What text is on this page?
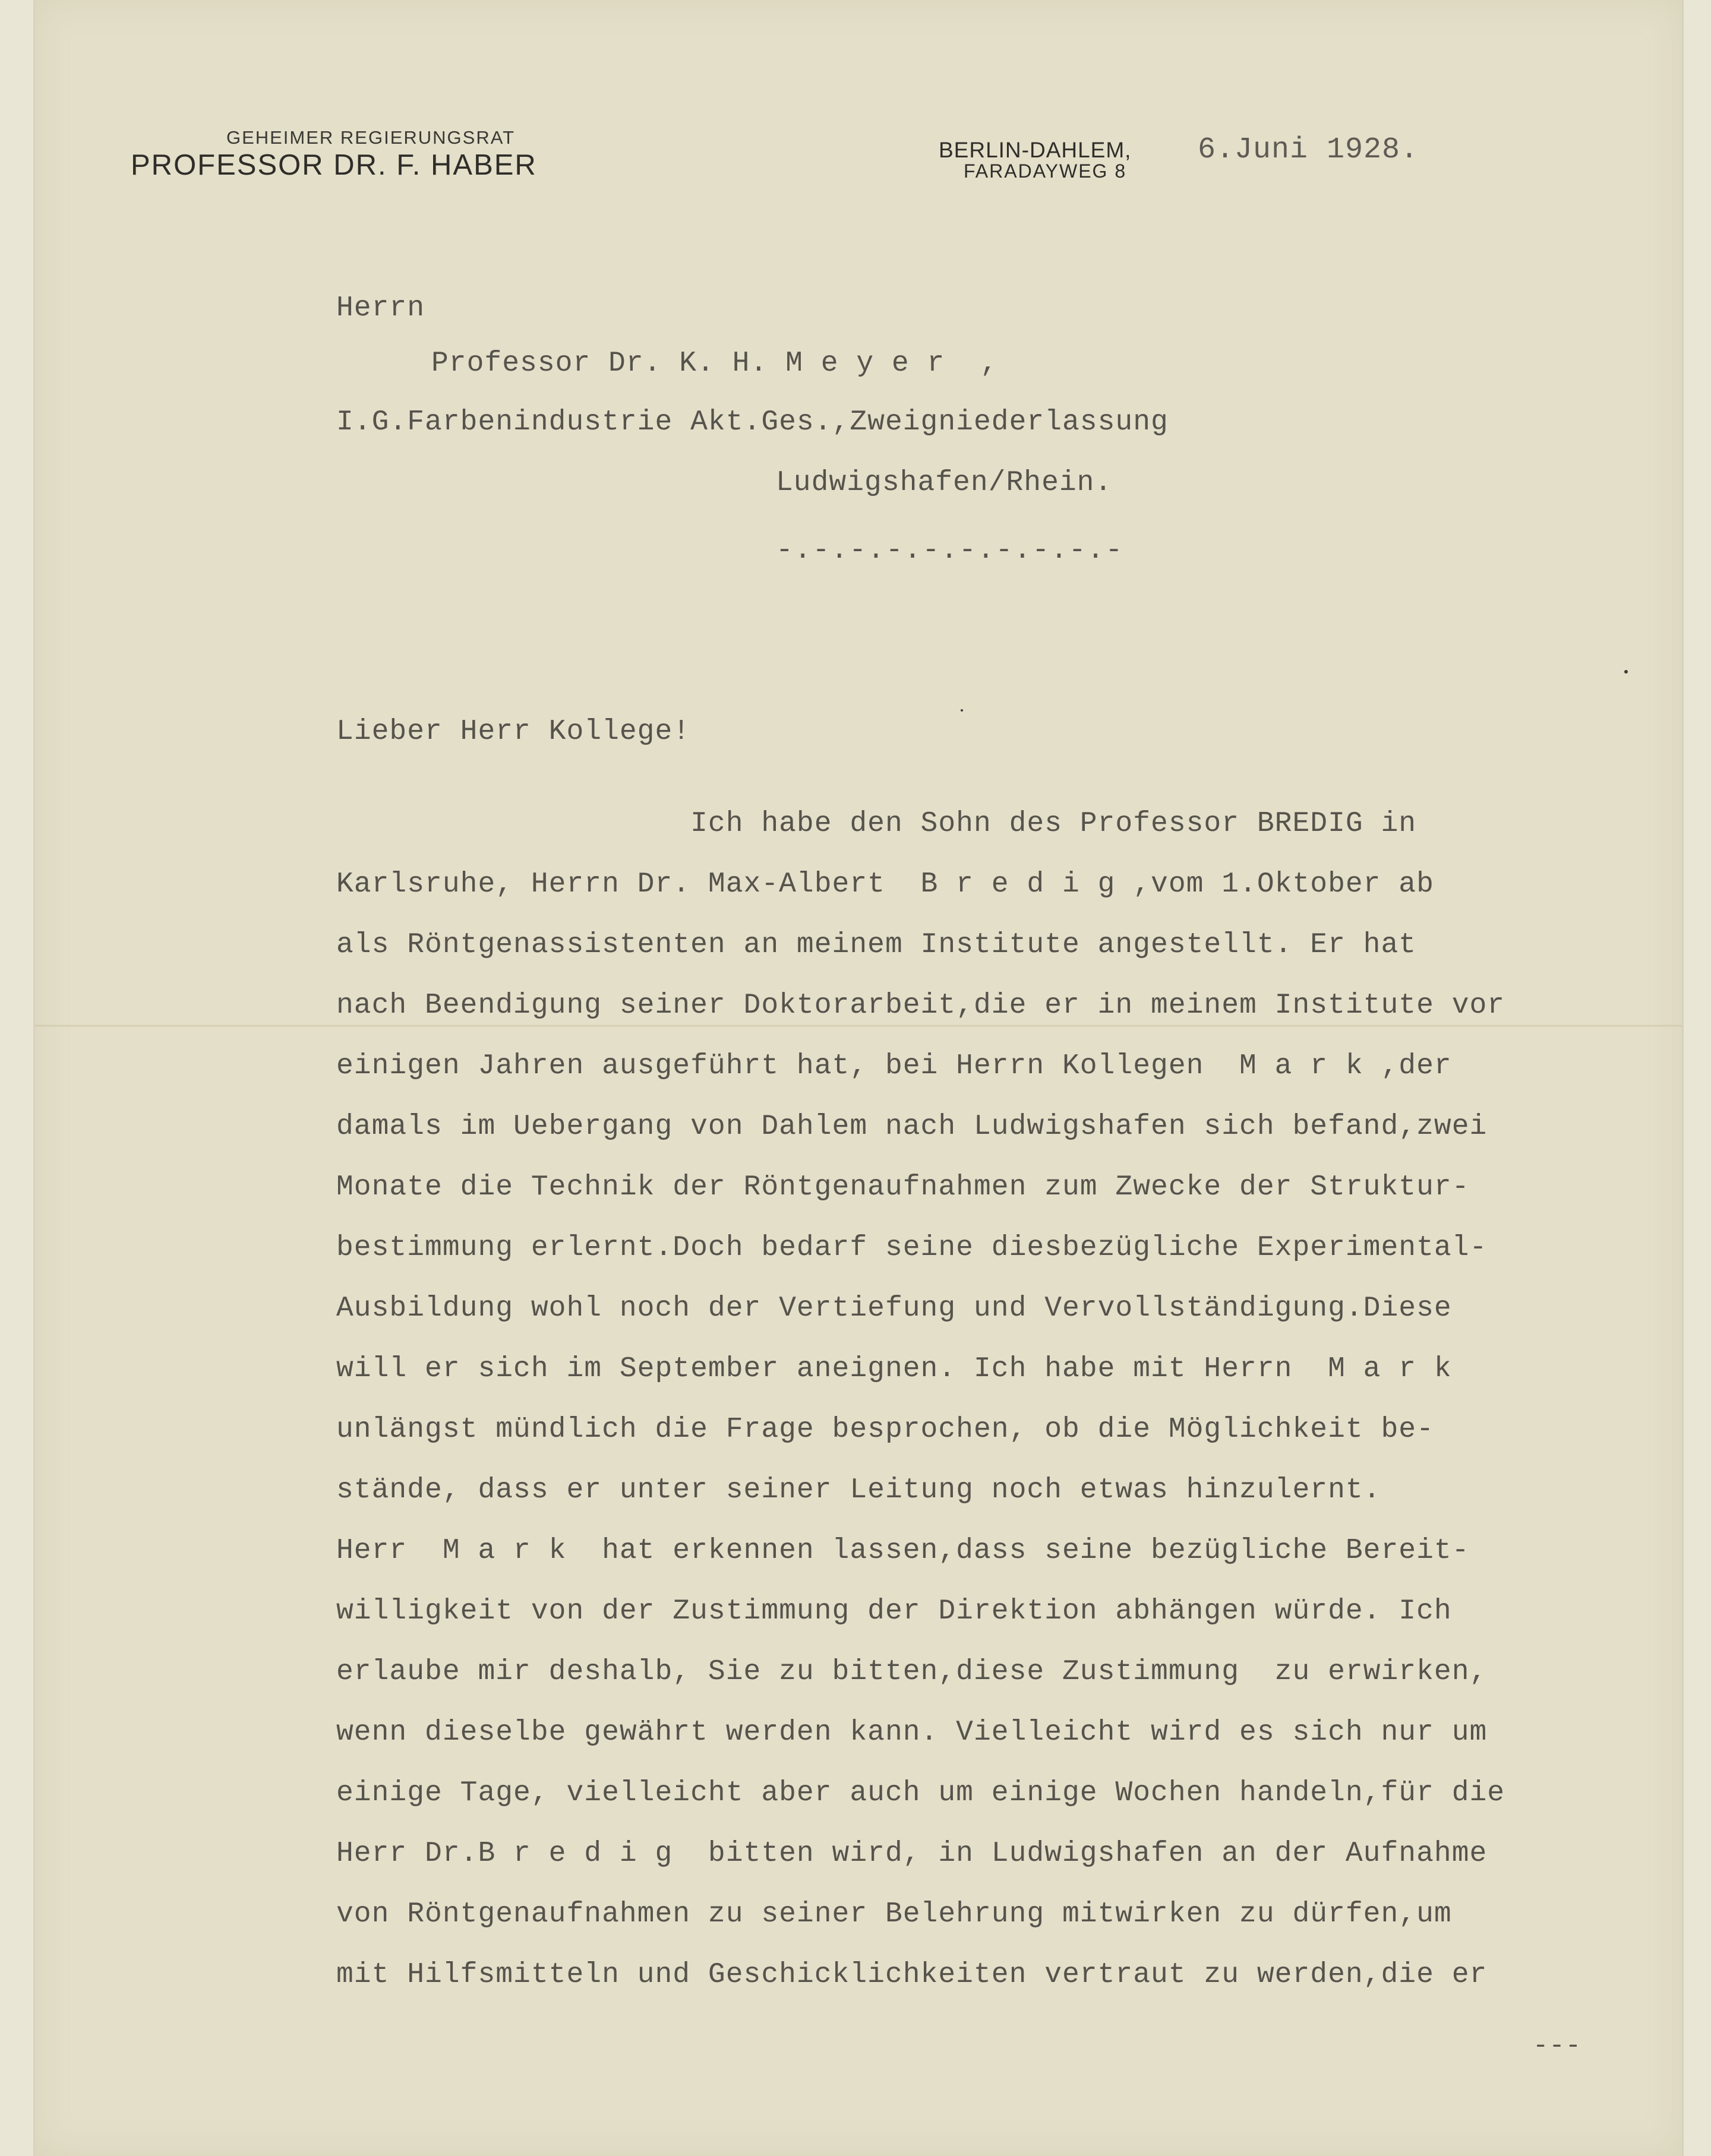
GEHEIMER REGIERUNGSRAT
PROFESSOR DR. F. HABER	BERLIN-DAHLEM,
FARADAYWEG 8
6.Juni 1928.
Herrn
Professor Dr. K. H. M e y e r  ,
I.G.Farbenindustrie Akt.Ges.,Zweigniederlassung
Ludwigshafen/Rhein.
-.-.-.-.-.-.-.-.-.-
Lieber Herr Kollege!
Ich habe den Sohn des Professor BREDIG in
Karlsruhe, Herrn Dr. Max-Albert  B r e d i g ,vom 1.Oktober ab
als Röntgenassistenten an meinem Institute angestellt. Er hat
nach Beendigung seiner Doktorarbeit,die er in meinem Institute vor
einigen Jahren ausgeführt hat, bei Herrn Kollegen  M a r k ,der
damals im Uebergang von Dahlem nach Ludwigshafen sich befand,zwei
Monate die Technik der Röntgenaufnahmen zum Zwecke der Struktur-
bestimmung erlernt.Doch bedarf seine diesbezügliche Experimental-
Ausbildung wohl noch der Vertiefung und Vervollständigung.Diese
will er sich im September aneignen. Ich habe mit Herrn  M a r k
unlängst mündlich die Frage besprochen, ob die Möglichkeit be-
stände, dass er unter seiner Leitung noch etwas hinzulernt.
Herr  M a r k  hat erkennen lassen,dass seine bezügliche Bereit-
willigkeit von der Zustimmung der Direktion abhängen würde. Ich
erlaube mir deshalb, Sie zu bitten,diese Zustimmung  zu erwirken,
wenn dieselbe gewährt werden kann. Vielleicht wird es sich nur um
einige Tage, vielleicht aber auch um einige Wochen handeln,für die
Herr Dr.B r e d i g  bitten wird, in Ludwigshafen an der Aufnahme
von Röntgenaufnahmen zu seiner Belehrung mitwirken zu dürfen,um
mit Hilfsmitteln und Geschicklichkeiten vertraut zu werden,die er
---
